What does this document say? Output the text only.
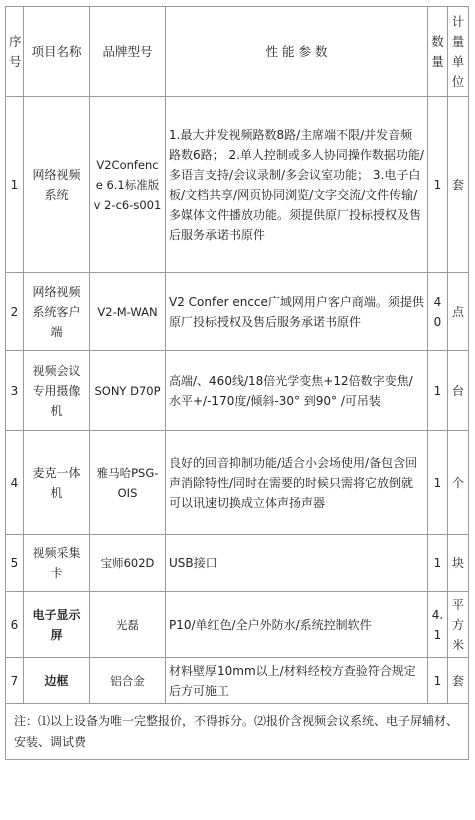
序号	项目名称	品牌型号	性 能 参 数	数量	计量单位
1	网络视频系统	V2Confence 6.1标准版v 2-c6-s001	1.最大并发视频路数8路/主席端不限/并发音频路数6路； 2.单人控制或多人协同操作数据功能/多语言支持/会议录制/多会议室功能； 3.电子白板/文档共享/网页协同浏览/文字交流/文件传输/多媒体文件播放功能。须提供原厂投标授权及售后服务承诺书原件	1	套
2	网络视频系统客户端	V2-M-WAN	V2 Confer encce广域网用户客户商端。须提供原厂投标授权及售后服务承诺书原件	40	点
3	视频会议专用摄像机	SONY D70P	高端/、460线/18倍光学变焦+12倍数字变焦/水平+/-170度/倾斜-30° 到90° /可吊装	1	台
4	麦克一体机	雅马哈PSG-OIS	良好的回音抑制功能/适合小会场使用/备包含回声消除特性/同时在需要的时候只需将它放倒就可以讯速切换成立体声扬声器	1	个
5	视频采集卡	宝师602D	USB接口	1	块
6	电子显示屏	光磊	P10/单红色/全户外防水/系统控制软件	4.1	平方米
7	边框	铝合金	材料壁厚10mm以上/材料经校方查验符合规定后方可施工	1	套
注：⑴以上设备为唯一完整报价，不得拆分。⑵报价含视频会议系统、电子屏辅材、安装、调试费					
